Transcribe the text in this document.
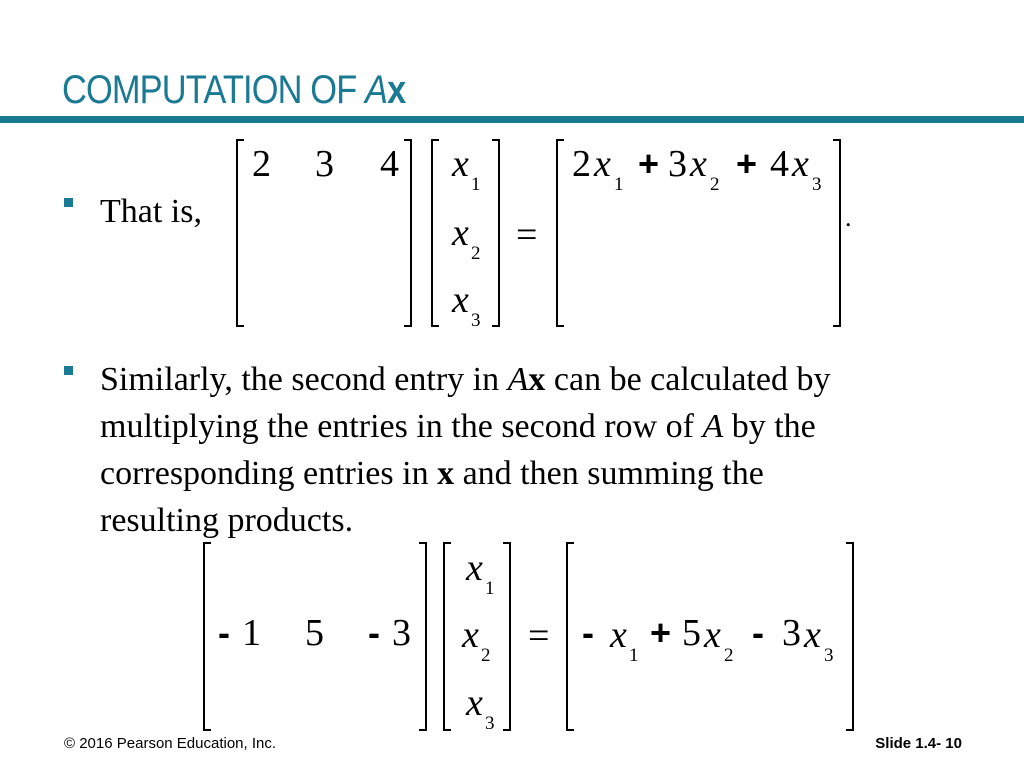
COMPUTATION OF Ax

That is,

2 3 4 x 1
x 2
x 3
=
2 x 1
+ 3 x 2
+ 4 x 3
.

Similarly, the second entry in Ax can be calculated by
multiplying the entries in the second row of A by the
corresponding entries in x and then summing the
resulting products.

- 1 5 - 3
x 1
x 2
x 3
= - x 1
+ 5 x 2
- 3 x 3
© 2016 Pearson Education, Inc.	Slide 1.4- 10
